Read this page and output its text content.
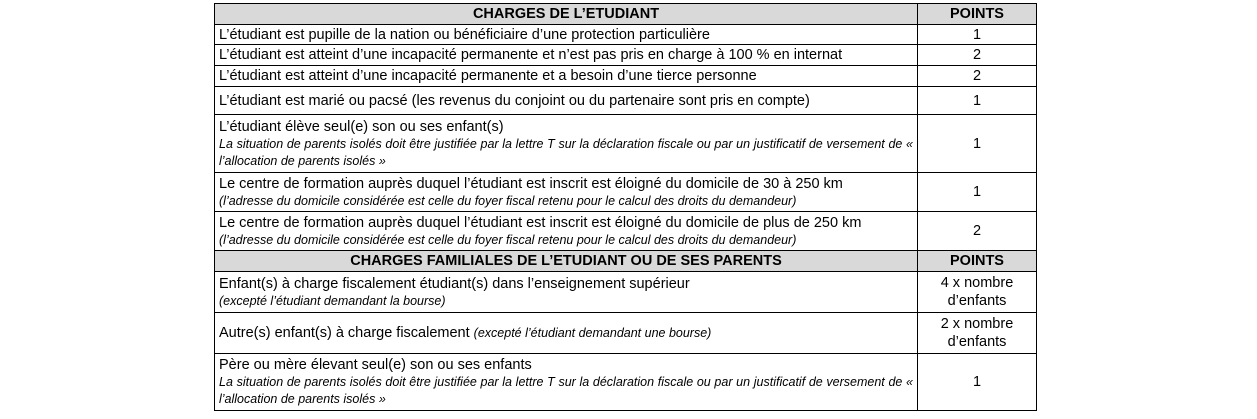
CHARGES DE L’ETUDIANT	POINTS

L’étudiant est pupille de la nation ou bénéficiaire d’une protection particulière	1

L’étudiant est atteint d’une incapacité permanente et n’est pas pris en charge à 100 % en internat	2

L’étudiant est atteint d’une incapacité permanente et a besoin d’une tierce personne	2

L’étudiant est marié ou pacsé (les revenus du conjoint ou du partenaire sont pris en compte)	1

L’étudiant élève seul(e) son ou ses enfant(s)
La situation de parents isolés doit être justifiée par la lettre T sur la déclaration fiscale ou par un justificatif de versement de « l’allocation de parents isolés »	1

Le centre de formation auprès duquel l’étudiant est inscrit est éloigné du domicile de 30 à 250 km
(l’adresse du domicile considérée est celle du foyer fiscal retenu pour le calcul des droits du demandeur)	1

Le centre de formation auprès duquel l’étudiant est inscrit est éloigné du domicile de plus de 250 km
(l’adresse du domicile considérée est celle du foyer fiscal retenu pour le calcul des droits du demandeur)	2
CHARGES FAMILIALES DE L’ETUDIANT OU DE SES PARENTS	POINTS

Enfant(s) à charge fiscalement étudiant(s) dans l’enseignement supérieur
(excepté l’étudiant demandant la bourse)	4 x nombre
d’enfants

Autre(s) enfant(s) à charge fiscalement (excepté l’étudiant demandant une bourse)	2 x nombre
d’enfants

Père ou mère élevant seul(e) son ou ses enfants
La situation de parents isolés doit être justifiée par la lettre T sur la déclaration fiscale ou par un justificatif de versement de « l’allocation de parents isolés »	1
